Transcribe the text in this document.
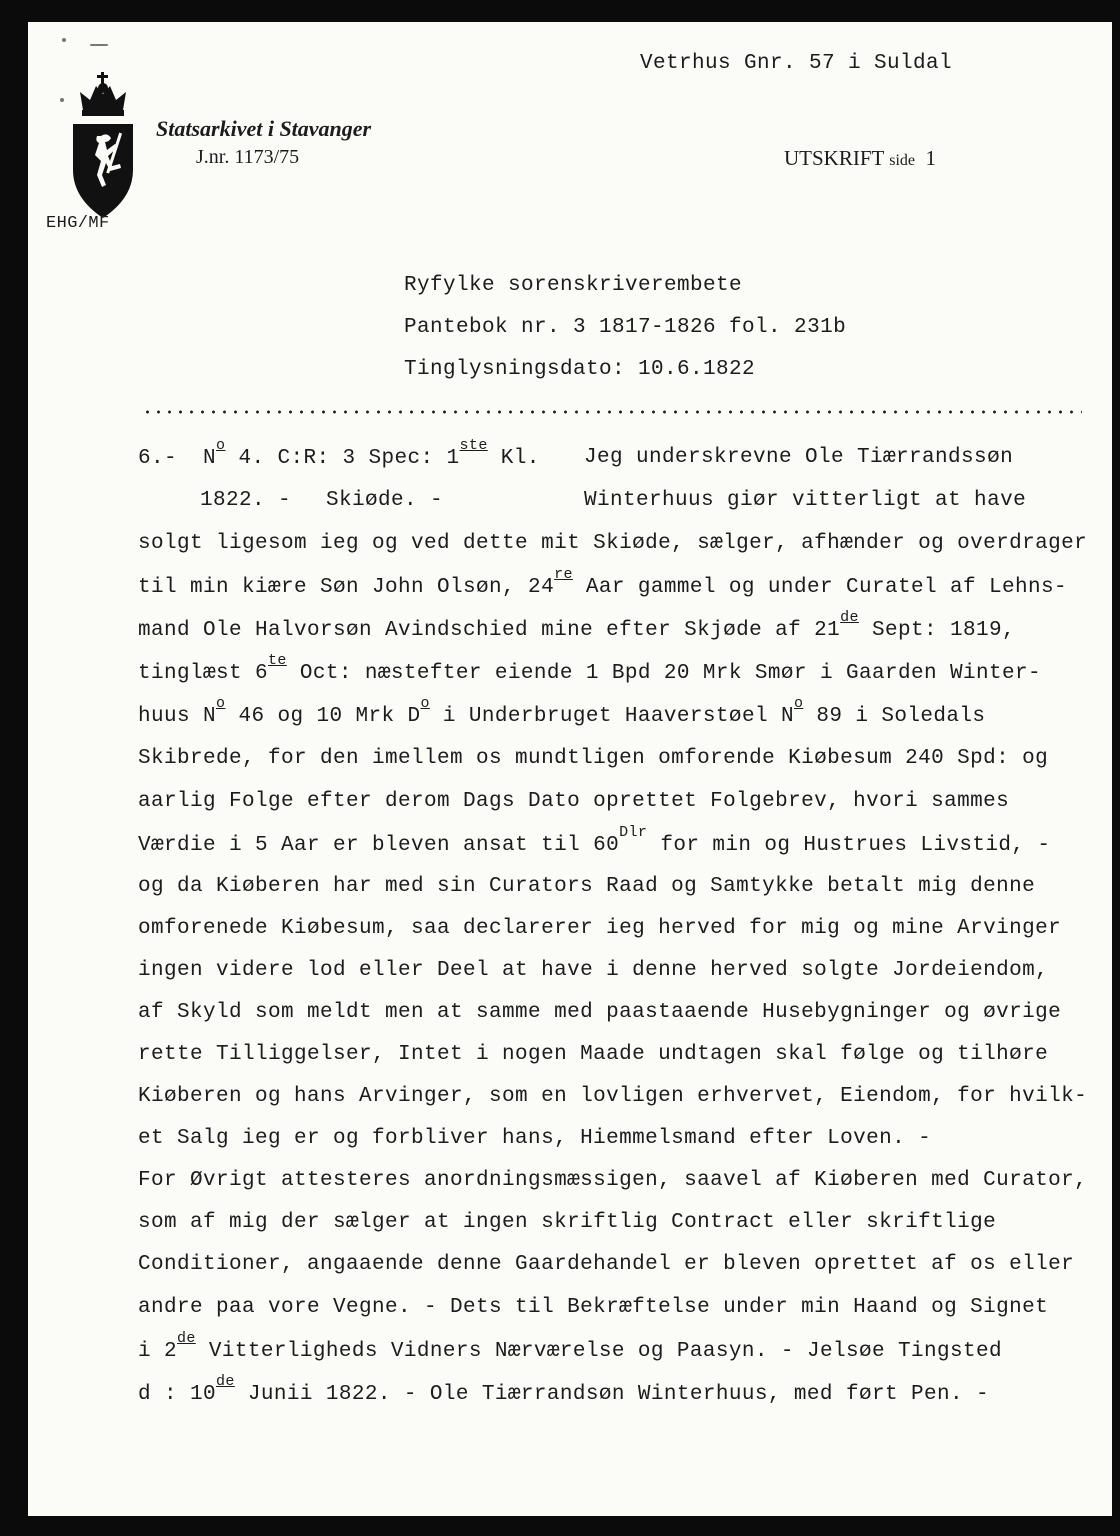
Vetrhus Gnr. 57 i Suldal
Statsarkivet i Stavanger
J.nr. 1173/75	UTSKRIFT side 1
EHG/MF
Ryfylke sorenskriverembete
Pantebok nr. 3 1817-1826 fol. 231b
Tinglysningsdato: 10.6.1822
6.- $N^o$ 4. C:R: 3 Spec: 1ste Kl. Jeg underskrevne Ole Tiærrandssøn
1822. - Skiøde. -	Winterhuus giør vitterligt at have
solgt ligesom ieg og ved dette mit Skiøde, sælger, afhænder og overdrager
til min kiære Søn John Olsøn, 24re Aar gammel og under Curatel af Lehns-
mand Ole Halvorsøn Avindschied mine efter Skjøde af 21de Sept: 1819,
tinglæst $6^{te}$ Oct: næstefter eiende 1 Bpd 20 Mrk Smør i Gaarden Winter-
huus $N^o$ 46 og 10 Mrk $D^o$ i Underbruget Haaverstøel $N^o$ 89 i Soledals
Skibrede, for den imellem os mundtligen omforende Kiøbesum 240 Spd: og
aarlig Folge efter derom Dags Dato oprettet Folgebrev, hvori sammes
Værdie i 5 Aar er bleven ansat til $60^{Dlr}$ for min og Hustrues Livstid, -
og da Kiøberen har med sin Curators Raad og Samtykke betalt mig denne
omforenede Kiøbesum, saa declarerer ieg herved for mig og mine Arvinger
ingen videre lod eller Deel at have i denne herved solgte Jordeiendom,
af Skyld som meldt men at samme med paastaaende Husebygninger og øvrige
rette Tilliggelser, Intet i nogen Maade undtagen skal følge og tilhøre
Kiøberen og hans Arvinger, som en lovligen erhvervet, Eiendom, for hvilk-
et Salg ieg er og forbliver hans, Hiemmelsmand efter Loven. -
For Øvrigt attesteres anordningsmæssigen, saavel af Kiøberen med Curator,
som af mig der sælger at ingen skriftlig Contract eller skriftlige
Conditioner, angaaende denne Gaardehandel er bleven oprettet af os eller
andre paa vore Vegne. - Dets til Bekræftelse under min Haand og Signet
i 2de Vitterligheds Vidners Nærværelse og Paasyn. - Jelsøe Tingsted
d : 10de Junii 1822. - Ole Tiærrandsøn Winterhuus, med ført Pen. -
